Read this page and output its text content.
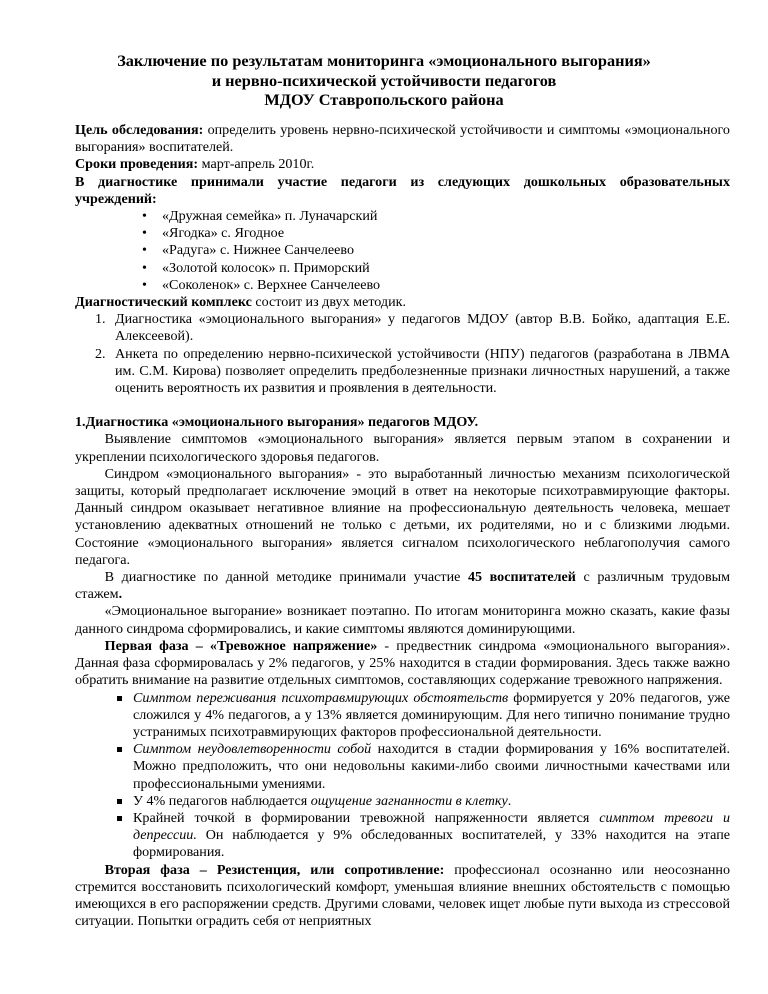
Заключение по результатам мониторинга «эмоционального выгорания»
и нервно-психической устойчивости педагогов
МДОУ Ставропольского района

Цель обследования: определить уровень нервно-психической устойчивости и симптомы «эмоционального выгорания» воспитателей.

Сроки проведения: март-апрель 2010г.

В диагностике принимали участие педагоги из следующих дошкольных образовательных учреждений:

• «Дружная семейка» п. Луначарский
• «Ягодка» с. Ягодное
• «Радуга» с. Нижнее Санчелеево
• «Золотой колосок» п. Приморский
• «Соколенок» с. Верхнее Санчелеево

Диагностический комплекс состоит из двух методик.

1. Диагностика «эмоционального выгорания» у педагогов МДОУ (автор В.В. Бойко, адаптация Е.Е. Алексеевой).
2. Анкета по определению нервно-психической устойчивости (НПУ) педагогов (разработана в ЛВМА им. С.М. Кирова) позволяет определить предболезненные признаки личностных нарушений, а также оценить вероятность их развития и проявления в деятельности.

1.Диагностика «эмоционального выгорания» педагогов МДОУ.

Выявление симптомов «эмоционального выгорания» является первым этапом в сохранении и укреплении психологического здоровья педагогов.

Синдром «эмоционального выгорания» - это выработанный личностью механизм психологической защиты, который предполагает исключение эмоций в ответ на некоторые психотравмирующие факторы. Данный синдром оказывает негативное влияние на профессиональную деятельность человека, мешает установлению адекватных отношений не только с детьми, их родителями, но и с близкими людьми. Состояние «эмоционального выгорания» является сигналом психологического неблагополучия самого педагога.

В диагностике по данной методике принимали участие 45 воспитателей с различным трудовым стажем.

«Эмоциональное выгорание» возникает поэтапно. По итогам мониторинга можно сказать, какие фазы данного синдрома сформировались, и какие симптомы являются доминирующими.

Первая фаза – «Тревожное напряжение» - предвестник синдрома «эмоционального выгорания». Данная фаза сформировалась у 2% педагогов, у 25% находится в стадии формирования. Здесь также важно обратить внимание на развитие отдельных симптомов, составляющих содержание тревожного напряжения.

Симптом переживания психотравмирующих обстоятельств формируется у 20% педагогов, уже сложился у 4% педагогов, а у 13% является доминирующим. Для него типично понимание трудно устранимых психотравмирующих факторов профессиональной деятельности.
Симптом неудовлетворенности собой находится в стадии формирования у 16% воспитателей. Можно предположить, что они недовольны какими-либо своими личностными качествами или профессиональными умениями.
У 4% педагогов наблюдается ощущение загнанности в клетку.
Крайней точкой в формировании тревожной напряженности является симптом тревоги и депрессии. Он наблюдается у 9% обследованных воспитателей, у 33% находится на этапе формирования.

Вторая фаза – Резистенция, или сопротивление: профессионал осознанно или неосознанно стремится восстановить психологический комфорт, уменьшая влияние внешних обстоятельств с помощью имеющихся в его распоряжении средств. Другими словами, человек ищет любые пути выхода из стрессовой ситуации. Попытки оградить себя от неприятных
